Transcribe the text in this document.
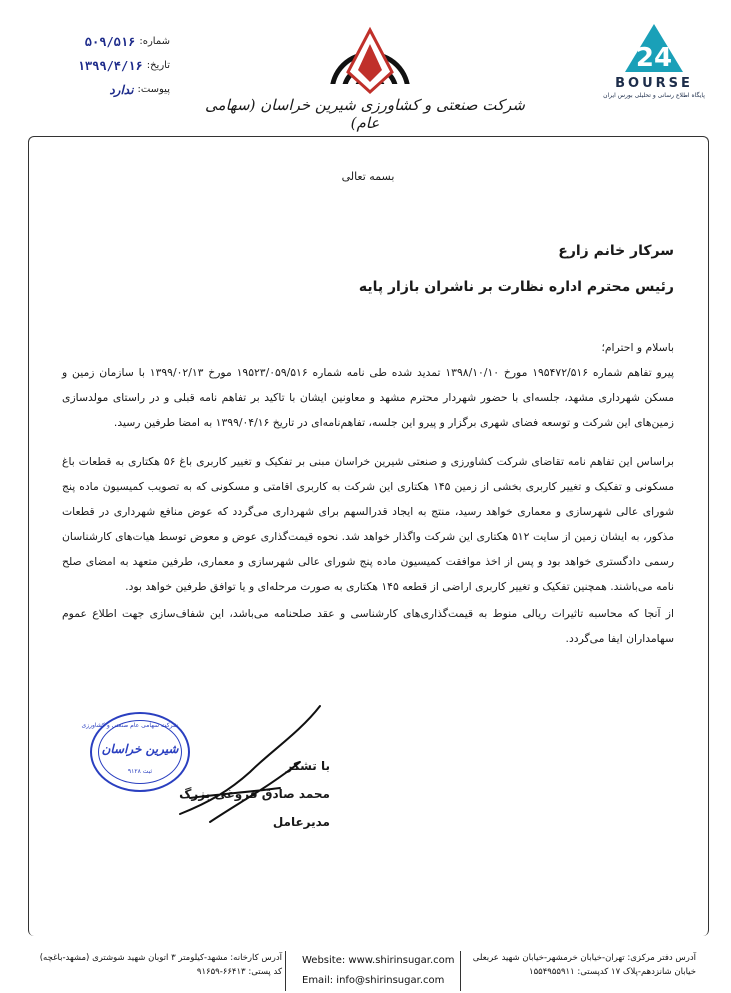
شماره:
۵۰۹/۵۱۶
تاریخ:
۱۳۹۹/۴/۱۶
پیوست:
ندارد
شرکت صنعتی و کشاورزی شیرین خراسان (سهامی عام)
24
BOURSE
پایگاه اطلاع رسانی و تحلیلی بورس ایران
بسمه تعالی
سرکار خانم زارع
رئیس محترم اداره نظارت بر ناشران بازار پایه

باسلام و احترام؛

پیرو تفاهم شماره ۱۹۵۴۷۲/۵۱۶ مورخ ۱۳۹۸/۱۰/۱۰ تمدید شده طی نامه شماره ۱۹۵۲۳/۰۵۹/۵۱۶ مورخ ۱۳۹۹/۰۲/۱۳ با سازمان زمین و مسکن شهرداری مشهد، جلسه‌ای با حضور شهردار محترم مشهد و معاونین ایشان با تاکید بر تفاهم نامه قبلی و در راستای مولدسازی زمین‌های این شرکت و توسعه فضای شهری برگزار و پیرو این جلسه، تفاهم‌نامه‌ای در تاریخ ۱۳۹۹/۰۴/۱۶ به امضا طرفین رسید.

براساس این تفاهم نامه تقاضای شرکت کشاورزی و صنعتی شیرین خراسان مبنی بر تفکیک و تغییر کاربری باغ ۵۶ هکتاری به قطعات باغ مسکونی و تفکیک و تغییر کاربری بخشی از زمین ۱۴۵ هکتاری این شرکت به کاربری اقامتی و مسکونی که به تصویب کمیسیون ماده پنج شورای عالی شهرسازی و معماری خواهد رسید، منتج به ایجاد قدرالسهم برای شهرداری می‌گردد که عوض منافع شهرداری در قطعات مذکور، به ایشان زمین از سایت ۵۱۲ هکتاری این شرکت واگذار خواهد شد. نحوه قیمت‌گذاری عوض و معوض توسط هیات‌های کارشناسان رسمی دادگستری خواهد بود و پس از اخذ موافقت کمیسیون ماده پنج شورای عالی شهرسازی و معماری، طرفین متعهد به امضای صلح نامه می‌باشند. همچنین تفکیک و تغییر کاربری اراضی از قطعه ۱۴۵ هکتاری به صورت مرحله‌ای و یا توافق طرفین خواهد بود.

از آنجا که محاسبه تاثیرات ریالی منوط به قیمت‌گذاری‌های کارشناسی و عقد صلحنامه می‌باشد، این شفاف‌سازی جهت اطلاع عموم سهامداران ایفا می‌گردد.

شرکت سهامی عام صنعتی و کشاورزی
شیرین خراسان
ثبت ۹۱۲۸	با تشکر
محمد صادق فروغی بزرگ
مدیرعامل
آدرس دفتر مرکزی: تهران-خیابان خرمشهر-خیابان شهید عربعلی
خیابان شانزدهم-پلاک ۱۷ کدپستی: ۱۵۵۴۹۵۵۹۱۱
Website: www.shirinsugar.com
Email: info@shirinsugar.com
آدرس کارخانه: مشهد-کیلومتر ۳ اتوبان شهید شوشتری (مشهد-باغچه)
کد پستی: ۶۶۴۱۳-۹۱۶۵۹
